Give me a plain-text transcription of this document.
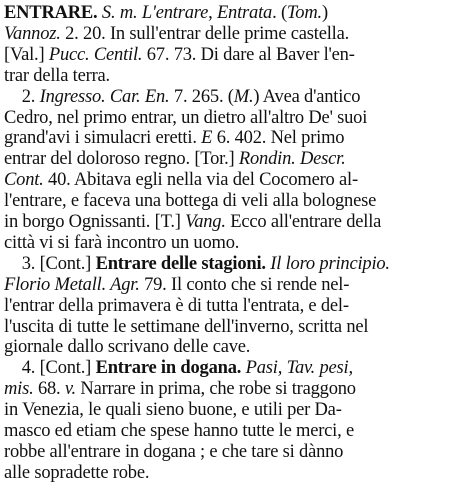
ENTRARE. S. m. L'entrare, Entrata. (Tom.)
Vannoz. 2. 20. In sull'entrar delle prime castella.
[Val.] Pucc. Centil. 67. 73. Di dare al Baver l'en-
trar della terra.
2. Ingresso. Car. En. 7. 265. (M.) Avea d'antico
Cedro, nel primo entrar, un dietro all'altro De' suoi
grand'avi i simulacri eretti. E 6. 402. Nel primo
entrar del doloroso regno. [Tor.] Rondin. Descr.
Cont. 40. Abitava egli nella via del Cocomero al-
l'entrare, e faceva una bottega di veli alla bolognese
in borgo Ognissanti. [T.] Vang. Ecco all'entrare della
città vi si farà incontro un uomo.
3. [Cont.] Entrare delle stagioni. Il loro principio.
Florio Metall. Agr. 79. Il conto che si rende nel-
l'entrar della primavera è di tutta l'entrata, e del-
l'uscita di tutte le settimane dell'inverno, scritta nel
giornale dallo scrivano delle cave.
4. [Cont.] Entrare in dogana. Pasi, Tav. pesi,
mis. 68. v. Narrare in prima, che robe si traggono
in Venezia, le quali sieno buone, e utili per Da-
masco ed etiam che spese hanno tutte le merci, e
robbe all'entrare in dogana ; e che tare si dànno
alle sopradette robe.
